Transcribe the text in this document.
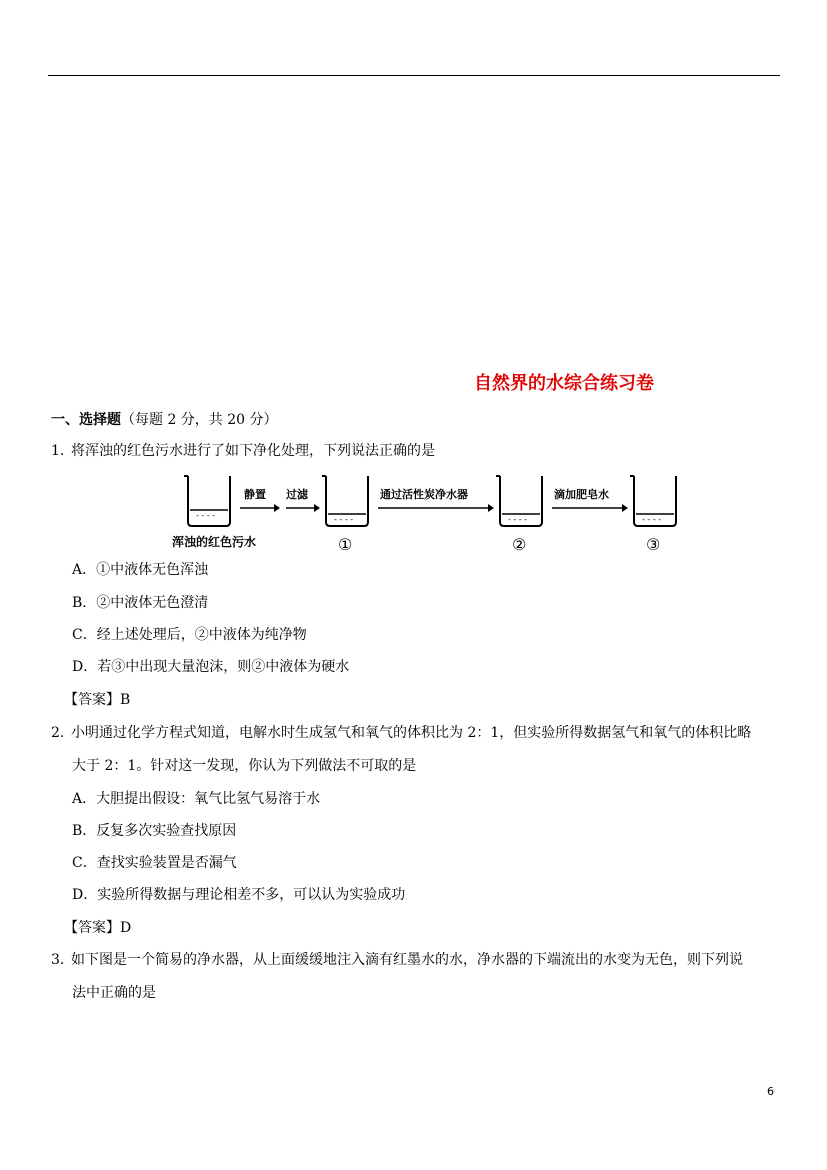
自然界的水综合练习卷
一、选择题（每题 2 分，共 20 分）
1. 将浑浊的红色污水进行了如下净化处理，下列说法正确的是
- - - -
浑浊的红色污水
静置 过滤
- - - -
①
通过活性炭净水器
- - - -
②
滴加肥皂水
- - - -
③
A．①中液体无色浑浊
B．②中液体无色澄清
C．经上述处理后，②中液体为纯净物
D．若③中出现大量泡沫，则②中液体为硬水
【答案】B
2. 小明通过化学方程式知道，电解水时生成氢气和氧气的体积比为 2：1，但实验所得数据氢气和氧气的体积比略
大于 2：1。针对这一发现，你认为下列做法不可取的是
A．大胆提出假设：氧气比氢气易溶于水
B．反复多次实验查找原因
C．查找实验装置是否漏气
D．实验所得数据与理论相差不多，可以认为实验成功
【答案】D
3. 如下图是一个简易的净水器，从上面缓缓地注入滴有红墨水的水，净水器的下端流出的水变为无色，则下列说
法中正确的是
6
